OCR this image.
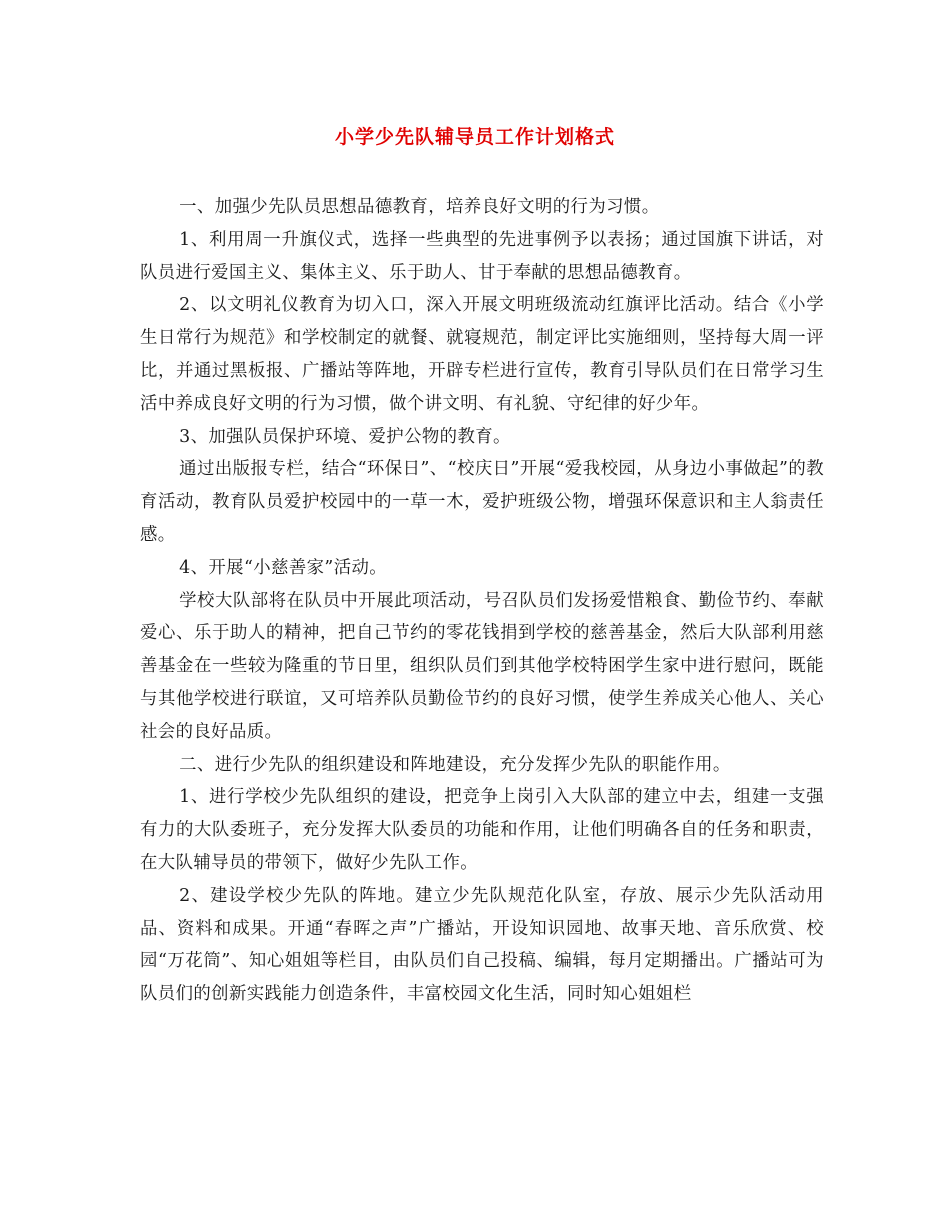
小学少先队辅导员工作计划格式

一、加强少先队员思想品德教育，培养良好文明的行为习惯。

1、利用周一升旗仪式，选择一些典型的先进事例予以表扬；通过国旗下讲话，对队员进行爱国主义、集体主义、乐于助人、甘于奉献的思想品德教育。

2、以文明礼仪教育为切入口，深入开展文明班级流动红旗评比活动。结合《小学生日常行为规范》和学校制定的就餐、就寝规范，制定评比实施细则，坚持每大周一评比，并通过黑板报、广播站等阵地，开辟专栏进行宣传，教育引导队员们在日常学习生活中养成良好文明的行为习惯，做个讲文明、有礼貌、守纪律的好少年。

3、加强队员保护环境、爱护公物的教育。

通过出版报专栏，结合“环保日”、“校庆日”开展“爱我校园，从身边小事做起”的教育活动，教育队员爱护校园中的一草一木，爱护班级公物，增强环保意识和主人翁责任感。

4、开展“小慈善家”活动。

学校大队部将在队员中开展此项活动，号召队员们发扬爱惜粮食、勤俭节约、奉献爱心、乐于助人的精神，把自己节约的零花钱捐到学校的慈善基金，然后大队部利用慈善基金在一些较为隆重的节日里，组织队员们到其他学校特困学生家中进行慰问，既能与其他学校进行联谊，又可培养队员勤俭节约的良好习惯，使学生养成关心他人、关心社会的良好品质。

二、进行少先队的组织建设和阵地建设，充分发挥少先队的职能作用。

1、进行学校少先队组织的建设，把竞争上岗引入大队部的建立中去，组建一支强有力的大队委班子，充分发挥大队委员的功能和作用，让他们明确各自的任务和职责，在大队辅导员的带领下，做好少先队工作。

2、建设学校少先队的阵地。建立少先队规范化队室，存放、展示少先队活动用品、资料和成果。开通“春晖之声”广播站，开设知识园地、故事天地、音乐欣赏、校园“万花筒”、知心姐姐等栏目，由队员们自己投稿、编辑，每月定期播出。广播站可为队员们的创新实践能力创造条件，丰富校园文化生活，同时知心姐姐栏
